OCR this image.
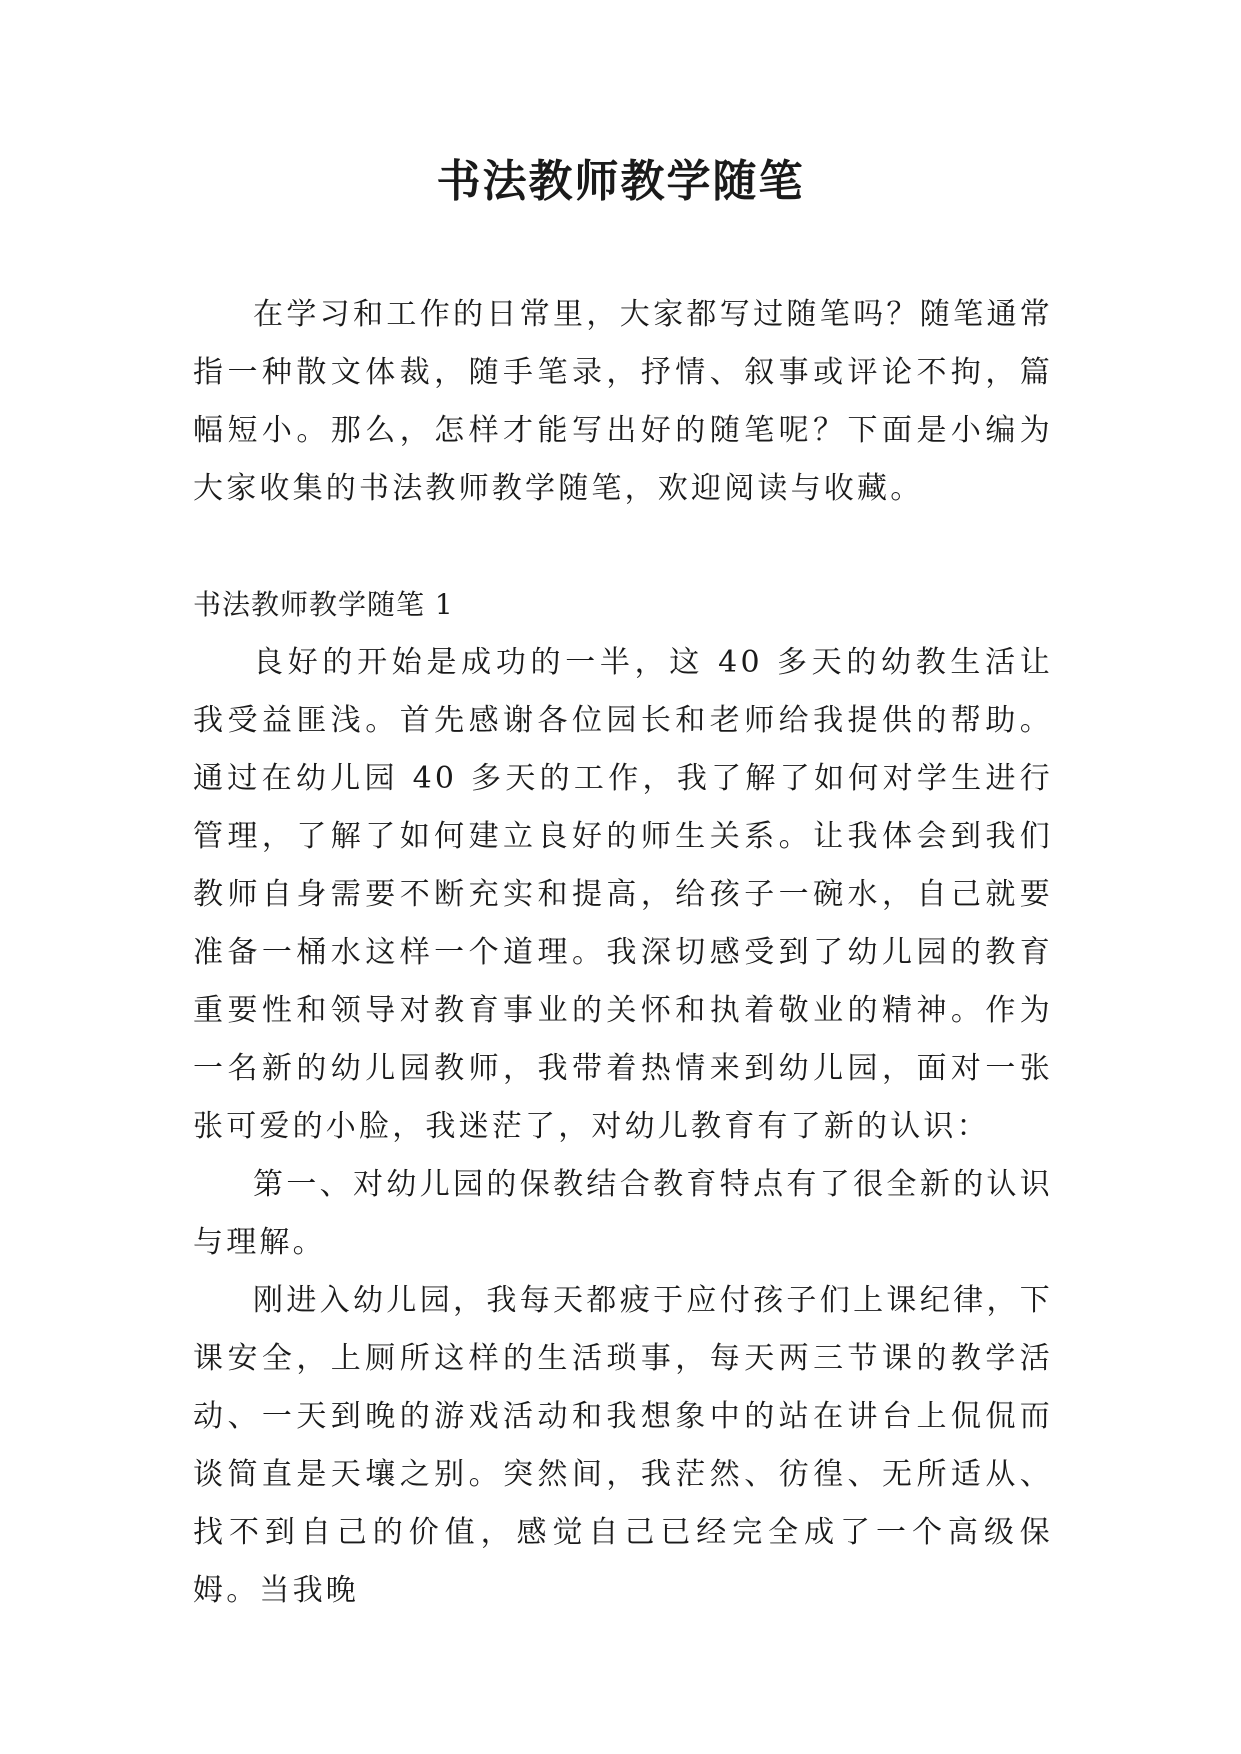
书法教师教学随笔

在学习和工作的日常里，大家都写过随笔吗？随笔通常指一种散文体裁，随手笔录，抒情、叙事或评论不拘，篇幅短小。那么，怎样才能写出好的随笔呢？下面是小编为大家收集的书法教师教学随笔，欢迎阅读与收藏。

书法教师教学随笔 1

良好的开始是成功的一半，这 40 多天的幼教生活让我受益匪浅。首先感谢各位园长和老师给我提供的帮助。通过在幼儿园 40 多天的工作，我了解了如何对学生进行管理，了解了如何建立良好的师生关系。让我体会到我们教师自身需要不断充实和提高，给孩子一碗水，自己就要准备一桶水这样一个道理。我深切感受到了幼儿园的教育重要性和领导对教育事业的关怀和执着敬业的精神。作为一名新的幼儿园教师，我带着热情来到幼儿园，面对一张张可爱的小脸，我迷茫了，对幼儿教育有了新的认识：

第一、对幼儿园的保教结合教育特点有了很全新的认识与理解。

刚进入幼儿园，我每天都疲于应付孩子们上课纪律，下课安全，上厕所这样的生活琐事，每天两三节课的教学活动、一天到晚的游戏活动和我想象中的站在讲台上侃侃而谈简直是天壤之别。突然间，我茫然、彷徨、无所适从、找不到自己的价值，感觉自己已经完全成了一个高级保姆。当我晚
